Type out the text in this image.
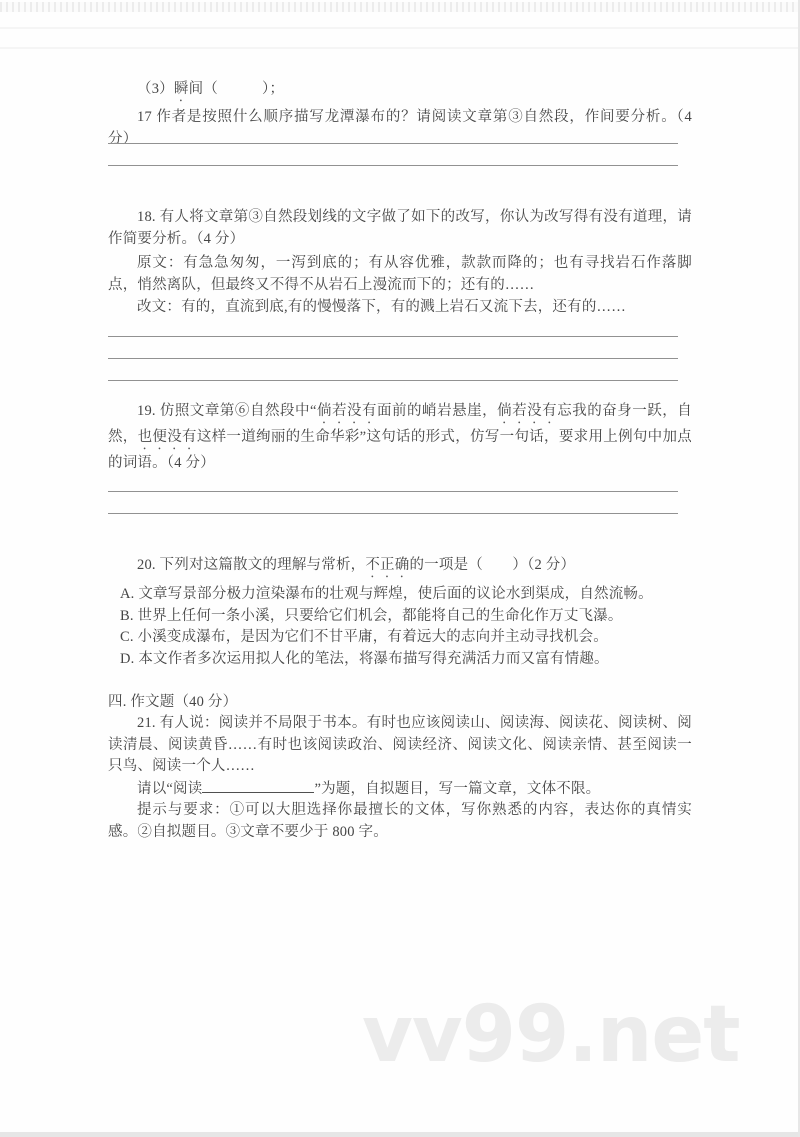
（3）瞬间（　　　）；

17 作者是按照什么顺序描写龙潭瀑布的？请阅读文章第③自然段，作间要分析。（4 分）

18. 有人将文章第③自然段划线的文字做了如下的改写，你认为改写得有没有道理，请作简要分析。（4 分）

原文：有急急匆匆，一泻到底的；有从容优雅，款款而降的；也有寻找岩石作落脚点，悄然离队，但最终又不得不从岩石上漫流而下的；还有的……

改文：有的，直流到底,有的慢慢落下，有的溅上岩石又流下去，还有的……

19. 仿照文章第⑥自然段中“倘若没有面前的峭岩悬崖，倘若没有忘我的奋身一跃，自然，也便没有这样一道绚丽的生命华彩”这句话的形式，仿写一句话，要求用上例句中加点的词语。（4 分）

20. 下列对这篇散文的理解与常析，不正确的一项是（　　）（2 分）

A. 文章写景部分极力渲染瀑布的壮观与辉煌，使后面的议论水到渠成，自然流畅。

B. 世界上任何一条小溪，只要给它们机会，都能将自己的生命化作万丈飞瀑。

C. 小溪变成瀑布，是因为它们不甘平庸，有着远大的志向并主动寻找机会。

D. 本文作者多次运用拟人化的笔法，将瀑布描写得充满活力而又富有情趣。

四. 作文题（40 分）

21. 有人说：阅读并不局限于书本。有时也应该阅读山、阅读海、阅读花、阅读树、阅读清晨、阅读黄昏……有时也该阅读政治、阅读经济、阅读文化、阅读亲情、甚至阅读一只鸟、阅读一个人……

请以“阅读	”为题，自拟题目，写一篇文章，文体不限。

提示与要求：①可以大胆选择你最擅长的文体，写你熟悉的内容，表达你的真情实感。②自拟题目。③文章不要少于 800 字。

vv99.net
